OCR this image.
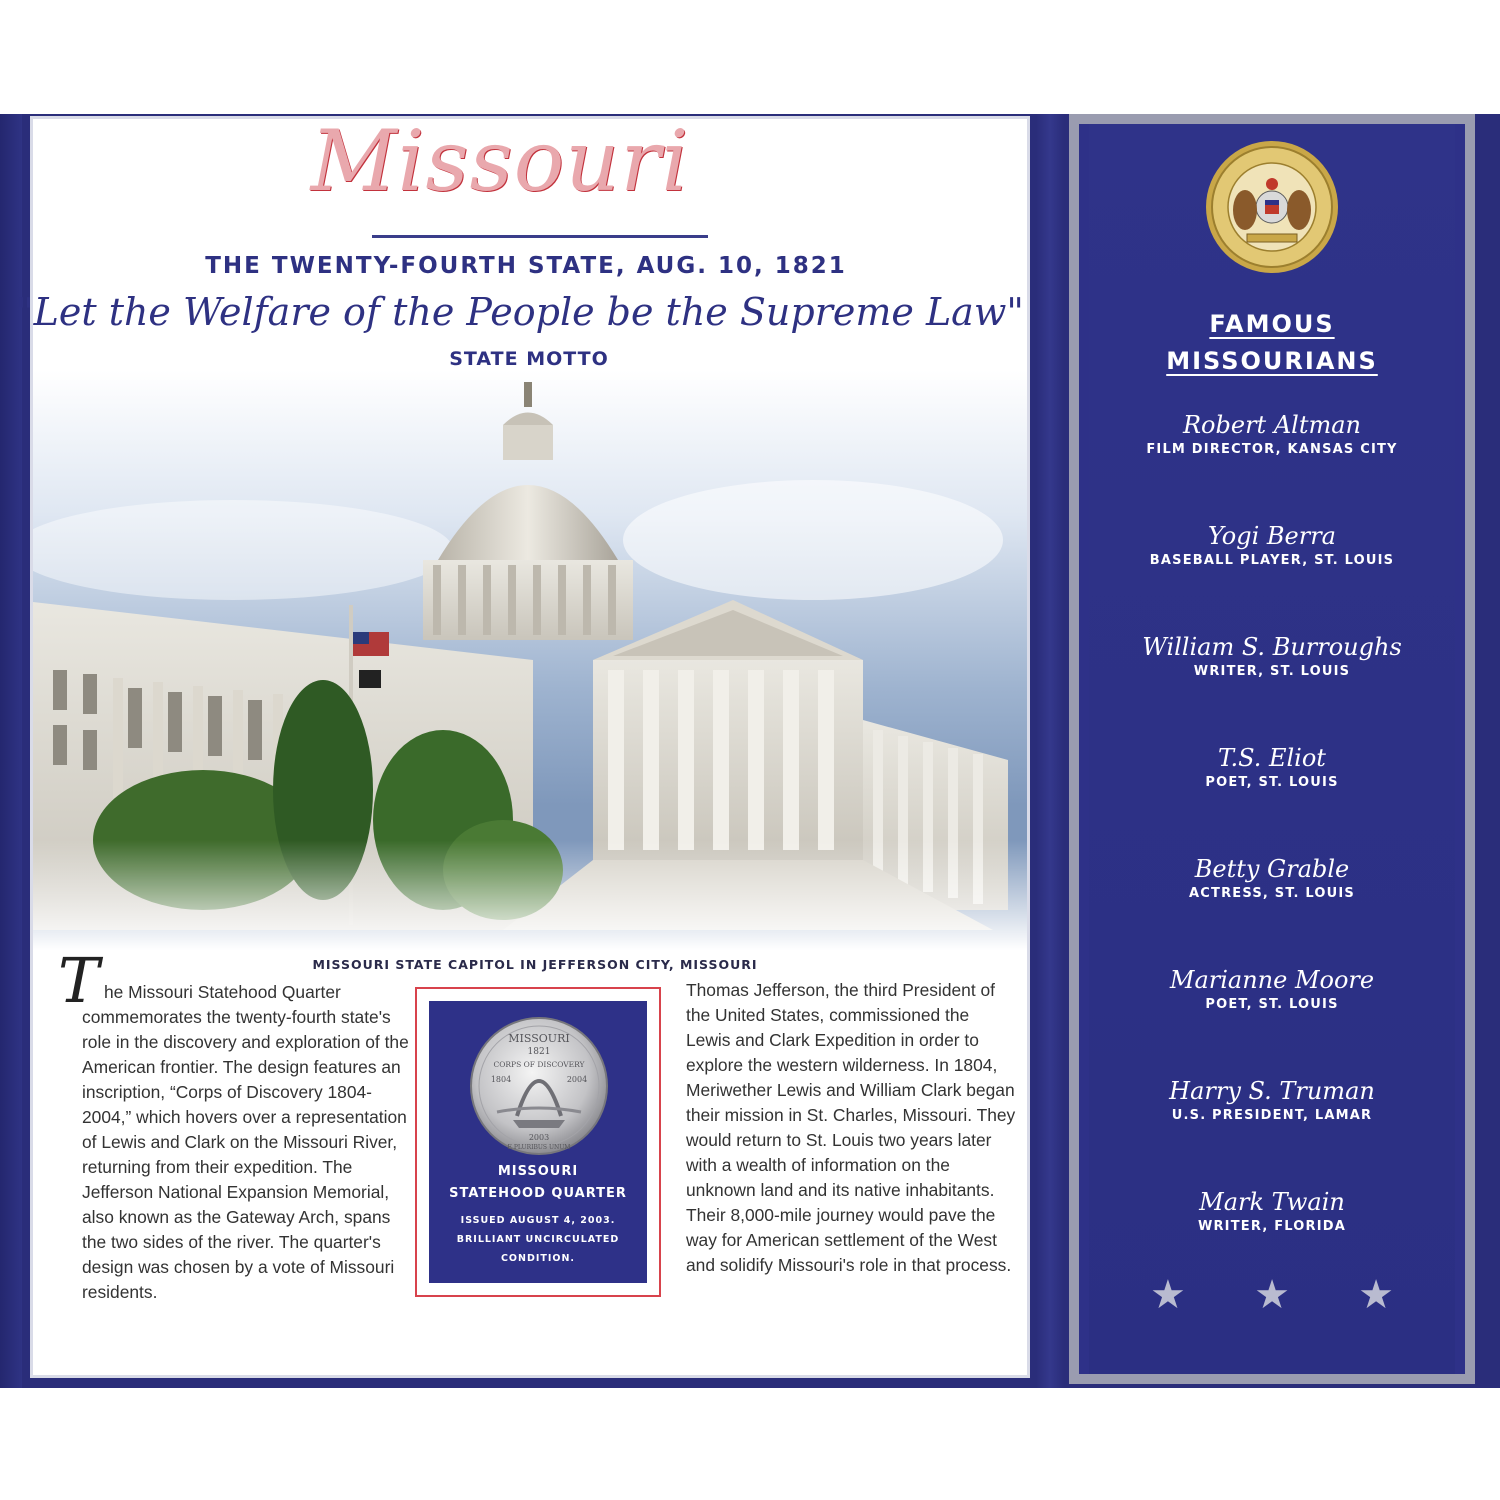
Missouri
THE TWENTY-FOURTH STATE, AUG. 10, 1821
"Let the Welfare of the People be the Supreme Law"
STATE MOTTO
MISSOURI STATE CAPITOL IN JEFFERSON CITY, MISSOURI
T he Missouri Statehood Quarter
commemorates the twenty-fourth state's role in the discovery and exploration of the American frontier. The design features an inscription, “Corps of Discovery 1804-2004,” which hovers over a representation of Lewis and Clark on the Missouri River, returning from their expedition. The Jefferson National Expansion Memorial, also known as the Gateway Arch, spans the two sides of the river. The quarter's design was chosen by a vote of Missouri residents.
Thomas Jefferson, the third President of the United States, commissioned the Lewis and Clark Expedition in order to explore the western wilderness. In 1804, Meriwether Lewis and William Clark began their mission in St. Charles, Missouri. They would return to St. Louis two years later with a wealth of information on the unknown land and its native inhabitants. Their 8,000-mile journey would pave the way for American settlement of the West and solidify Missouri's role in that process.
MISSOURI
1821
CORPS OF DISCOVERY
1804	2004
2003
E PLURIBUS UNUM
MISSOURI
STATEHOOD QUARTER
ISSUED AUGUST 4, 2003.
BRILLIANT UNCIRCULATED
CONDITION.
FAMOUS
MISSOURIANS
Robert Altman
FILM DIRECTOR, KANSAS CITY
Yogi Berra
BASEBALL PLAYER, ST. LOUIS
William S. Burroughs
WRITER, ST. LOUIS
T.S. Eliot
POET, ST. LOUIS
Betty Grable
ACTRESS, ST. LOUIS
Marianne Moore
POET, ST. LOUIS
Harry S. Truman
U.S. PRESIDENT, LAMAR
Mark Twain
WRITER, FLORIDA
★ ★ ★
